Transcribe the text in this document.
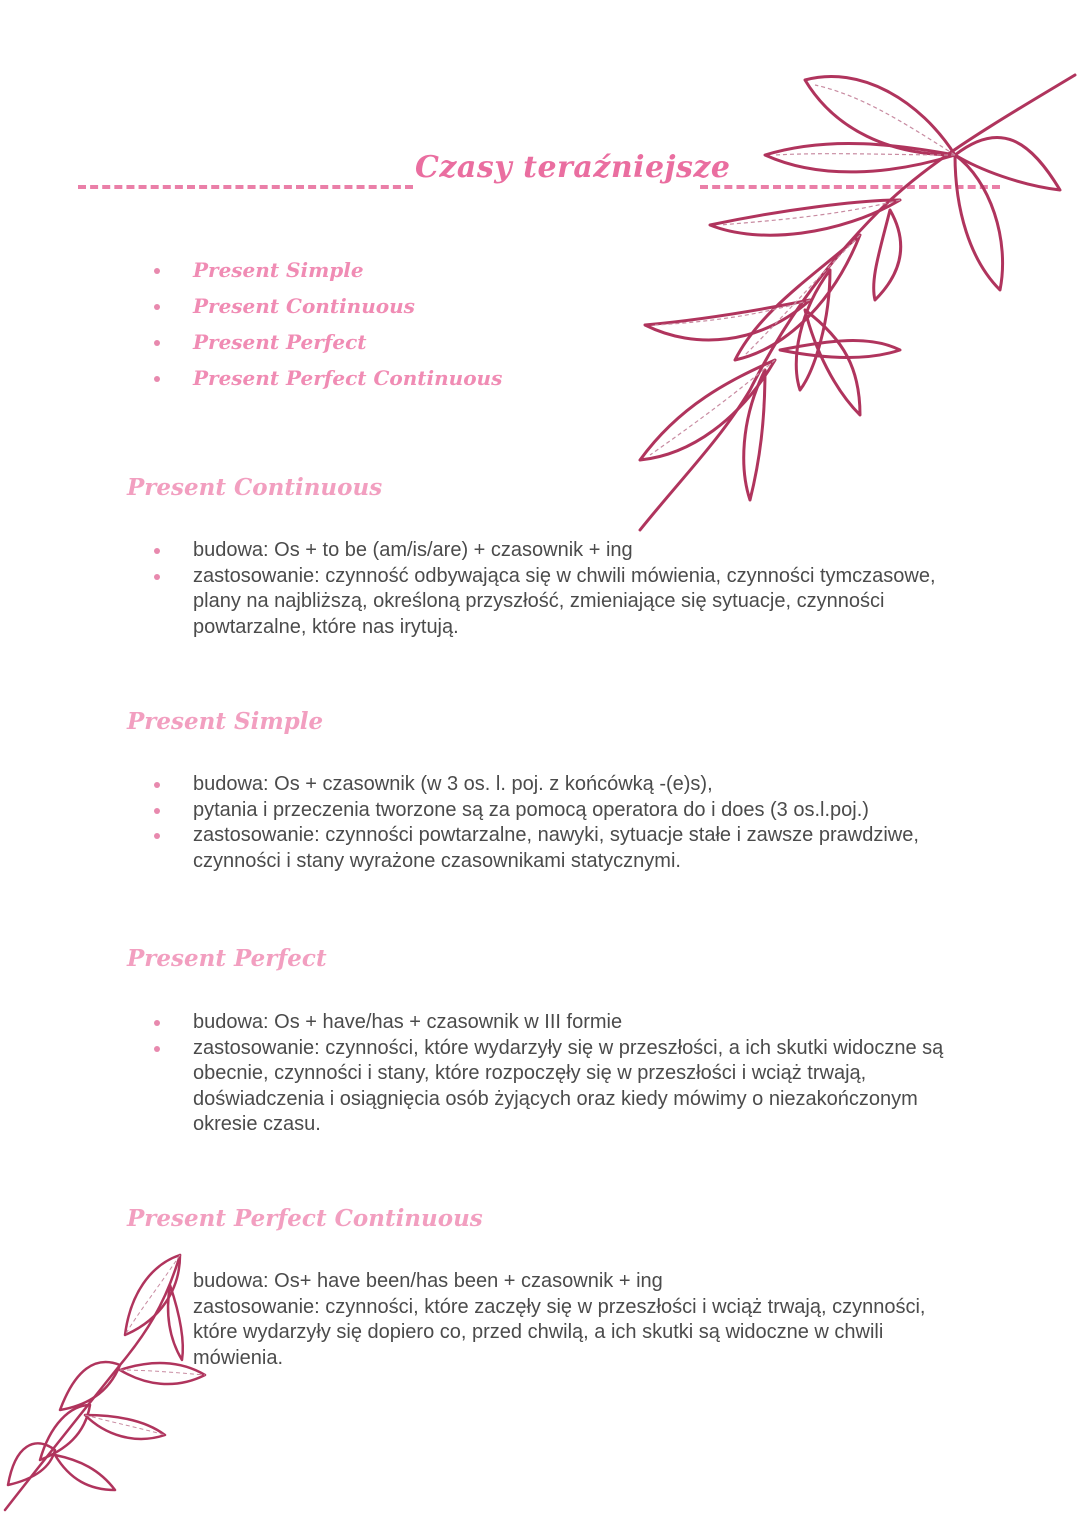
Czasy teraźniejsze
Present Simple
Present Continuous
Present Perfect
Present Perfect Continuous
Present Continuous
budowa: Os + to be (am/is/are) + czasownik + ing
zastosowanie: czynność odbywająca się w chwili mówienia, czynności tymczasowe, plany na najbliższą, określoną przyszłość, zmieniające się sytuacje, czynności powtarzalne, które nas irytują.
Present Simple
budowa: Os + czasownik (w 3 os. l. poj. z końcówką -(e)s),
pytania i przeczenia tworzone są za pomocą operatora do i does (3 os.l.poj.)
zastosowanie: czynności powtarzalne, nawyki, sytuacje stałe i zawsze prawdziwe, czynności i stany wyrażone czasownikami statycznymi.
Present Perfect
budowa: Os + have/has + czasownik w III formie
zastosowanie: czynności, które wydarzyły się w przeszłości, a ich skutki widoczne są obecnie, czynności i stany, które rozpoczęły się w przeszłości i wciąż trwają, doświadczenia i osiągnięcia osób żyjących oraz kiedy mówimy o niezakończonym okresie czasu.
Present Perfect Continuous
budowa: Os+ have been/has been + czasownik + ing
zastosowanie: czynności, które zaczęły się w przeszłości i wciąż trwają, czynności, które wydarzyły się dopiero co, przed chwilą, a ich skutki są widoczne w chwili mówienia.
